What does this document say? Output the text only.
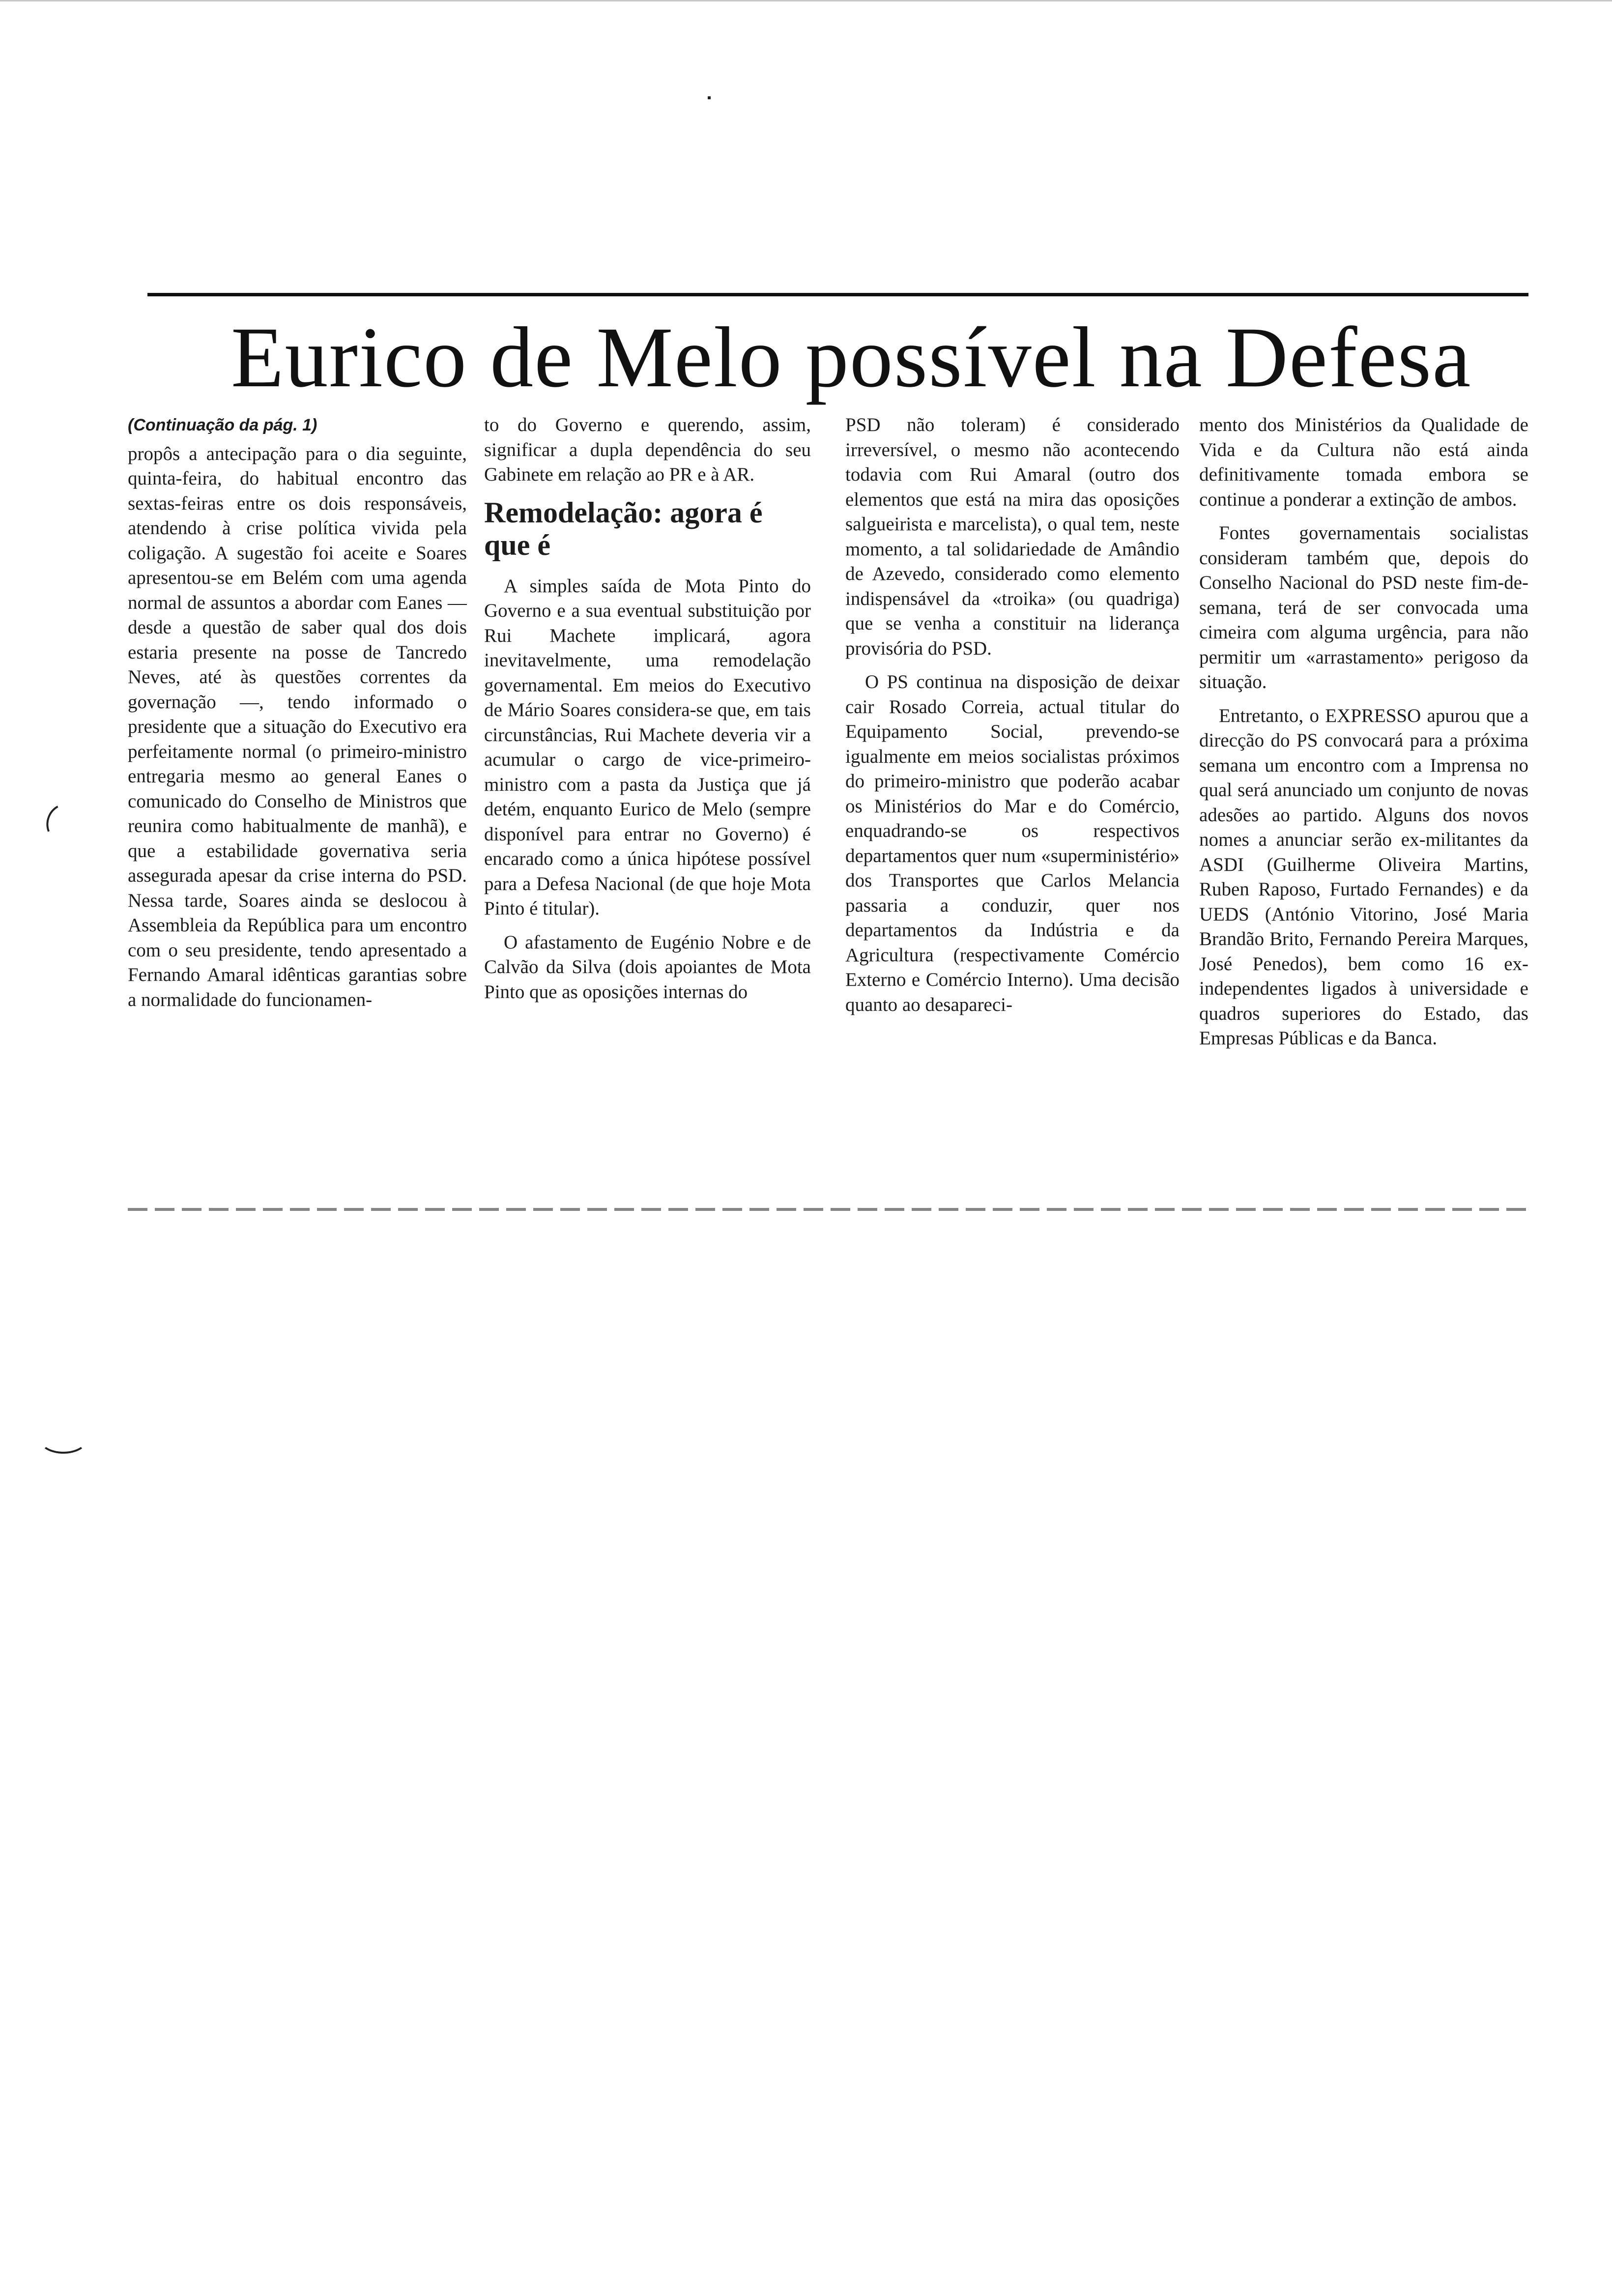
Eurico de Melo possível na Defesa
(Continuação da pág. 1)

propôs a antecipação para o dia seguinte, quinta-feira, do habitual encontro das sextas-feiras entre os dois responsáveis, atendendo à crise política vivida pela coligação. A sugestão foi aceite e Soares apresentou-se em Belém com uma agenda normal de assuntos a abordar com Eanes — desde a questão de saber qual dos dois estaria presente na posse de Tancredo Neves, até às questões correntes da governação —, tendo informado o presidente que a situação do Executivo era perfeitamente normal (o primeiro-ministro entregaria mesmo ao general Eanes o comunicado do Conselho de Ministros que reunira como habitualmente de manhã), e que a estabilidade governativa seria assegurada apesar da crise interna do PSD. Nessa tarde, Soares ainda se deslocou à Assembleia da República para um encontro com o seu presidente, tendo apresentado a Fernando Amaral idênticas garantias sobre a normalidade do funcionamen-

to do Governo e querendo, assim, significar a dupla dependência do seu Gabinete em relação ao PR e à AR.

Remodelação: agora é que é

A simples saída de Mota Pinto do Governo e a sua eventual substituição por Rui Machete implicará, agora inevitavelmente, uma remodelação governamental. Em meios do Executivo de Mário Soares considera-se que, em tais circunstâncias, Rui Machete deveria vir a acumular o cargo de vice-primeiro-ministro com a pasta da Justiça que já detém, enquanto Eurico de Melo (sempre disponível para entrar no Governo) é encarado como a única hipótese possível para a Defesa Nacional (de que hoje Mota Pinto é titular).

O afastamento de Eugénio Nobre e de Calvão da Silva (dois apoiantes de Mota Pinto que as oposições internas do

PSD não toleram) é considerado irreversível, o mesmo não acontecendo todavia com Rui Amaral (outro dos elementos que está na mira das oposições salgueirista e marcelista), o qual tem, neste momento, a tal solidariedade de Amândio de Azevedo, considerado como elemento indispensável da «troika» (ou quadriga) que se venha a constituir na liderança provisória do PSD.

O PS continua na disposição de deixar cair Rosado Correia, actual titular do Equipamento Social, prevendo-se igualmente em meios socialistas próximos do primeiro-ministro que poderão acabar os Ministérios do Mar e do Comércio, enquadrando-se os respectivos departamentos quer num «superministério» dos Transportes que Carlos Melancia passaria a conduzir, quer nos departamentos da Indústria e da Agricultura (respectivamente Comércio Externo e Comércio Interno). Uma decisão quanto ao desapareci-

mento dos Ministérios da Qualidade de Vida e da Cultura não está ainda definitivamente tomada embora se continue a ponderar a extinção de ambos.

Fontes governamentais socialistas consideram também que, depois do Conselho Nacional do PSD neste fim-de-semana, terá de ser convocada uma cimeira com alguma urgência, para não permitir um «arrastamento» perigoso da situação.

Entretanto, o EXPRESSO apurou que a direcção do PS convocará para a próxima semana um encontro com a Imprensa no qual será anunciado um conjunto de novas adesões ao partido. Alguns dos novos nomes a anunciar serão ex-militantes da ASDI (Guilherme Oliveira Martins, Ruben Raposo, Furtado Fernandes) e da UEDS (António Vitorino, José Maria Brandão Brito, Fernando Pereira Marques, José Penedos), bem como 16 ex-independentes ligados à universidade e quadros superiores do Estado, das Empresas Públicas e da Banca.
